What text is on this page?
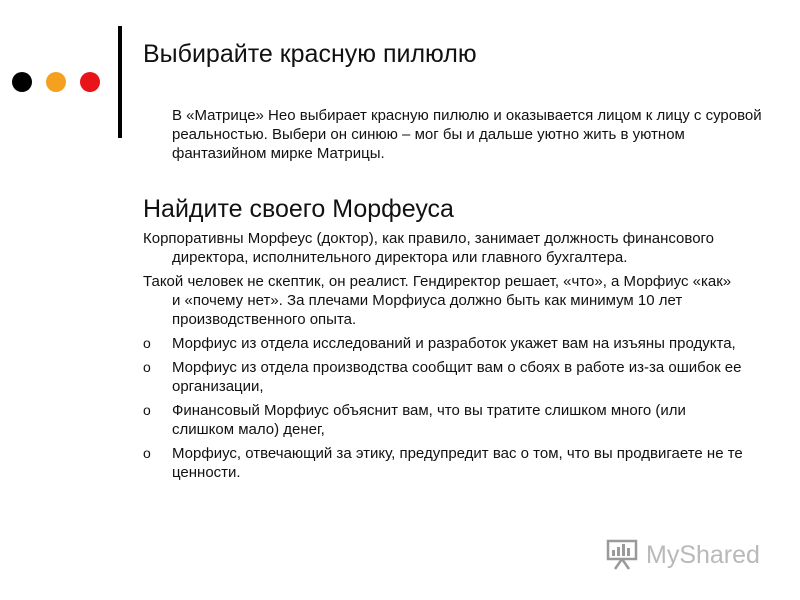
Выбирайте красную пилюлю

В «Матрице» Нео выбирает красную пилюлю и оказывается лицом к лицу с суровой реальностью. Выбери он синюю – мог бы и дальше уютно жить в уютном фантазийном мирке Матрицы.

Найдите своего Морфеуса
Корпоративны Морфеус (доктор), как правило, занимает должность финансового директора, исполнительного директора или главного бухгалтера.
Такой человек не скептик, он реалист. Гендиректор решает, «что», а Морфиус «как» и «почему нет». За плечами Морфиуса должно быть как минимум 10 лет производственного опыта.
o	Морфиус из отдела исследований и разработок укажет вам на изъяны продукта,
o	Морфиус из отдела производства сообщит вам о сбоях в работе из-за ошибок ее организации,
o	Финансовый Морфиус объяснит вам, что вы тратите слишком много (или слишком мало) денег,
o	Морфиус, отвечающий за этику, предупредит вас о том, что вы продвигаете не те ценности.
MyShared
